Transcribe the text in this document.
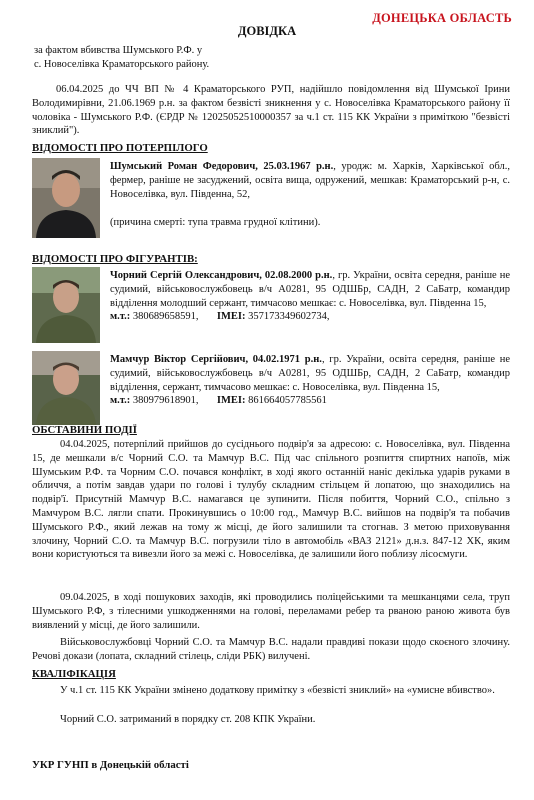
ДОНЕЦЬКА ОБЛАСТЬ
ДОВІДКА
за фактом вбивства Шумського Р.Ф. у
с. Новоселівка Краматорського району.

06.04.2025 до ЧЧ ВП № 4 Краматорського РУП, надійшло повідомлення від Шумської Ірини Володимирівни, 21.06.1969 р.н. за фактом безвісті зникнення у с. Новоселівка Краматорського району її чоловіка - Шумського Р.Ф. (ЄРДР № 12025052510000357 за ч.1 ст. 115 КК України з приміткою "безвісті зниклий").

ВІДОМОСТІ ПРО ПОТЕРПІЛОГО

Шумський Роман Федорович, 25.03.1967 р.н., уродж: м. Харків, Харківської обл., фермер, раніше не засуджений, освіта вища, одружений, мешкав: Краматорський р-н, с. Новоселівка, вул. Південна, 52,

(причина смерті: тупа травма грудної клітини).

ВІДОМОСТІ ПРО ФІГУРАНТІВ:

Чорний Сергій Олександрович, 02.08.2000 р.н., гр. України, освіта середня, раніше не судимий, військовослужбовець в/ч А0281, 95 ОДШБр, САДН, 2 СаБатр, командир відділення молодший сержант, тимчасово мешкає: с. Новоселівка, вул. Південна 15,

м.т.: 380689658591, ІМЕІ: 357173349602734,

Мамчур Віктор Сергійович, 04.02.1971 р.н., гр. України, освіта середня, раніше не судимий, військовослужбовець в/ч А0281, 95 ОДШБр, САДН, 2 СаБатр, командир відділення, сержант, тимчасово мешкає: с. Новоселівка, вул. Південна 15,

м.т.: 380979618901, ІМЕІ: 861664057785561

ОБСТАВИНИ ПОДІЇ

04.04.2025, потерпілий прийшов до сусіднього подвір'я за адресою: с. Новоселівка, вул. Південна 15, де мешкали в/с Чорний С.О. та Мамчур В.С. Під час спільного розпиття спиртних напоїв, між Шумським Р.Ф. та Чорним С.О. почався конфлікт, в ході якого останній наніс декілька ударів руками в обличчя, а потім завдав удари по голові і тулубу складним стільцем й лопатою, що знаходились на подвір'ї. Присутній Мамчур В.С. намагався це зупинити. Після побиття, Чорний С.О., спільно з Мамчуром В.С. лягли спати. Прокинувшись о 10:00 год., Мамчур В.С. вийшов на подвір'я та побачив Шумського Р.Ф., який лежав на тому ж місці, де його залишили та стогнав. З метою приховування злочину, Чорний С.О. та Мамчур В.С. погрузили тіло в автомобіль «ВАЗ 2121» д.н.з. 847-12 ХК, яким вони користуються та вивезли його за межі с. Новоселівка, де залишили його поблизу лісосмуги.

09.04.2025, в ході пошукових заходів, які проводились поліцейськими та мешканцями села, труп Шумського Р.Ф, з тілесними ушкодженнями на голові, переламами ребер та рваною раною живота був виявлений у місці, де його залишили.

Військовослужбовці Чорний С.О. та Мамчур В.С. надали правдиві покази щодо скоєного злочину. Речові докази (лопата, складний стілець, сліди РБК) вилучені.

КВАЛІФІКАЦІЯ

У ч.1 ст. 115 КК України змінено додаткову примітку з «безвісті зниклий» на «умисне вбивство».

Чорний С.О. затриманий в порядку ст. 208 КПК України.

УКР ГУНП в Донецькій області
